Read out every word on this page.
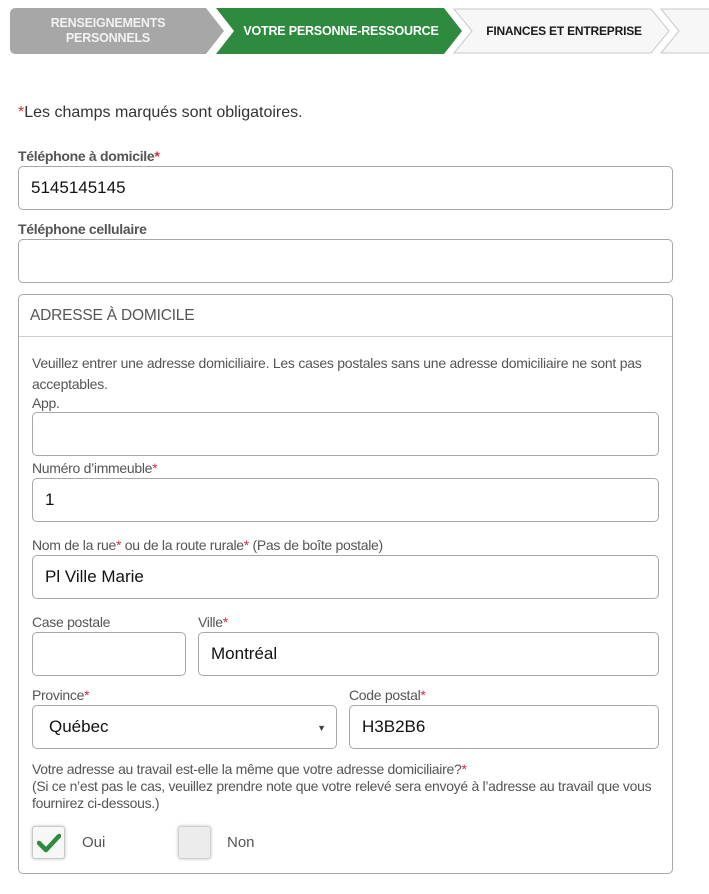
RENSEIGNEMENTS
PERSONNELS
VOTRE PERSONNE-RESSOURCE	FINANCES ET ENTREPRISE
*Les champs marqués sont obligatoires.
Téléphone à domicile*
5145145145
Téléphone cellulaire
ADRESSE À DOMICILE
Veuillez entrer une adresse domiciliaire. Les cases postales sans une adresse domiciliaire ne sont pas acceptables.
App.
Numéro d’immeuble*
1
Nom de la rue* ou de la route rurale* (Pas de boîte postale)
Pl Ville Marie
Case postale	Ville*
Montréal
Province*
Québec	▼
Code postal*
H3B2B6
Votre adresse au travail est-elle la même que votre adresse domiciliaire?*
(Si ce n’est pas le cas, veuillez prendre note que votre relevé sera envoyé à l’adresse au travail que vous fournirez ci-dessous.)
Oui	Non
